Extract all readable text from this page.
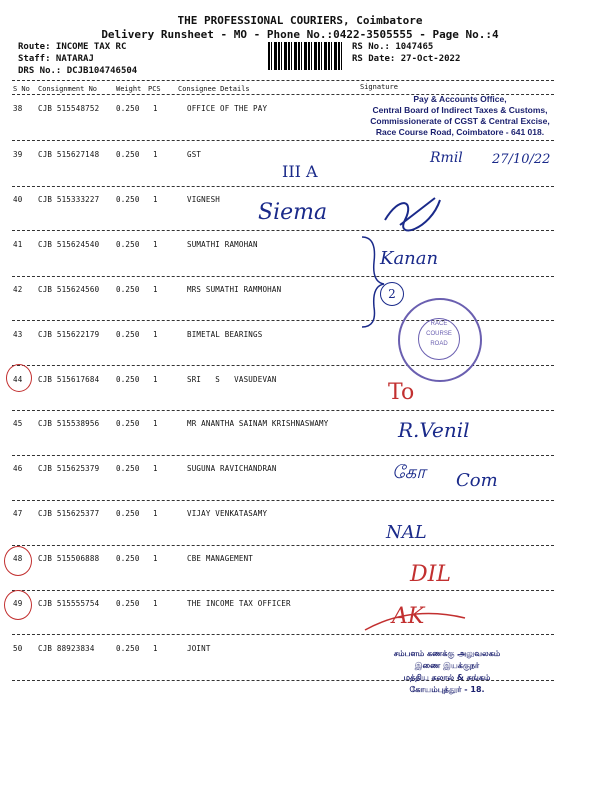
THE PROFESSIONAL COURIERS, Coimbatore
Delivery Runsheet - MO - Phone No.:0422-3505555 - Page No.:4
Route: INCOME TAX RC
Staff: NATARAJ
DRS No.: DCJB104746504
RS No.: 1047465
RS Date: 27-Oct-2022
S No Consignment No	Weight PCS Consignee Details	Signature
38 CJB 515548752 0.250 1	OFFICE OF THE PAY
39 CJB 515627148 0.250 1	GST
40 CJB 515333227 0.250 1	VIGNESH
41 CJB 515624540 0.250 1	SUMATHI RAMOHAN
42 CJB 515624560 0.250 1	MRS SUMATHI RAMMOHAN
43 CJB 515622179 0.250 1	BIMETAL BEARINGS
44 CJB 515617684 0.250 1	SRI   S   VASUDEVAN
45 CJB 515538956 0.250 1	MR ANANTHA SAINAM KRISHNASWAMY
46 CJB 515625379 0.250 1	SUGUNA RAVICHANDRAN
47 CJB 515625377 0.250 1	VIJAY VENKATASAMY
48 CJB 515506888 0.250 1	CBE MANAGEMENT
49 CJB 515555754 0.250 1	THE INCOME TAX OFFICER
50 CJB 88923834	0.250 1	JOINT
Pay & Accounts Office,
Central Board of Indirect Taxes & Customs,
Commissionerate of CGST & Central Excise,
Race Course Road, Coimbatore - 641 018.
RACE
COURSE
ROAD
III A
Rmil 27/10/22
Siema
Kanan
2
To
R.Venil
கோ Com
NAL
DIL
AK
சம்பளம் கணக்கு அலுவலகம்
இணை இயக்குநர்
மத்திய கலால் & சுங்கம்
கோயம்புத்தூர் - 18.
